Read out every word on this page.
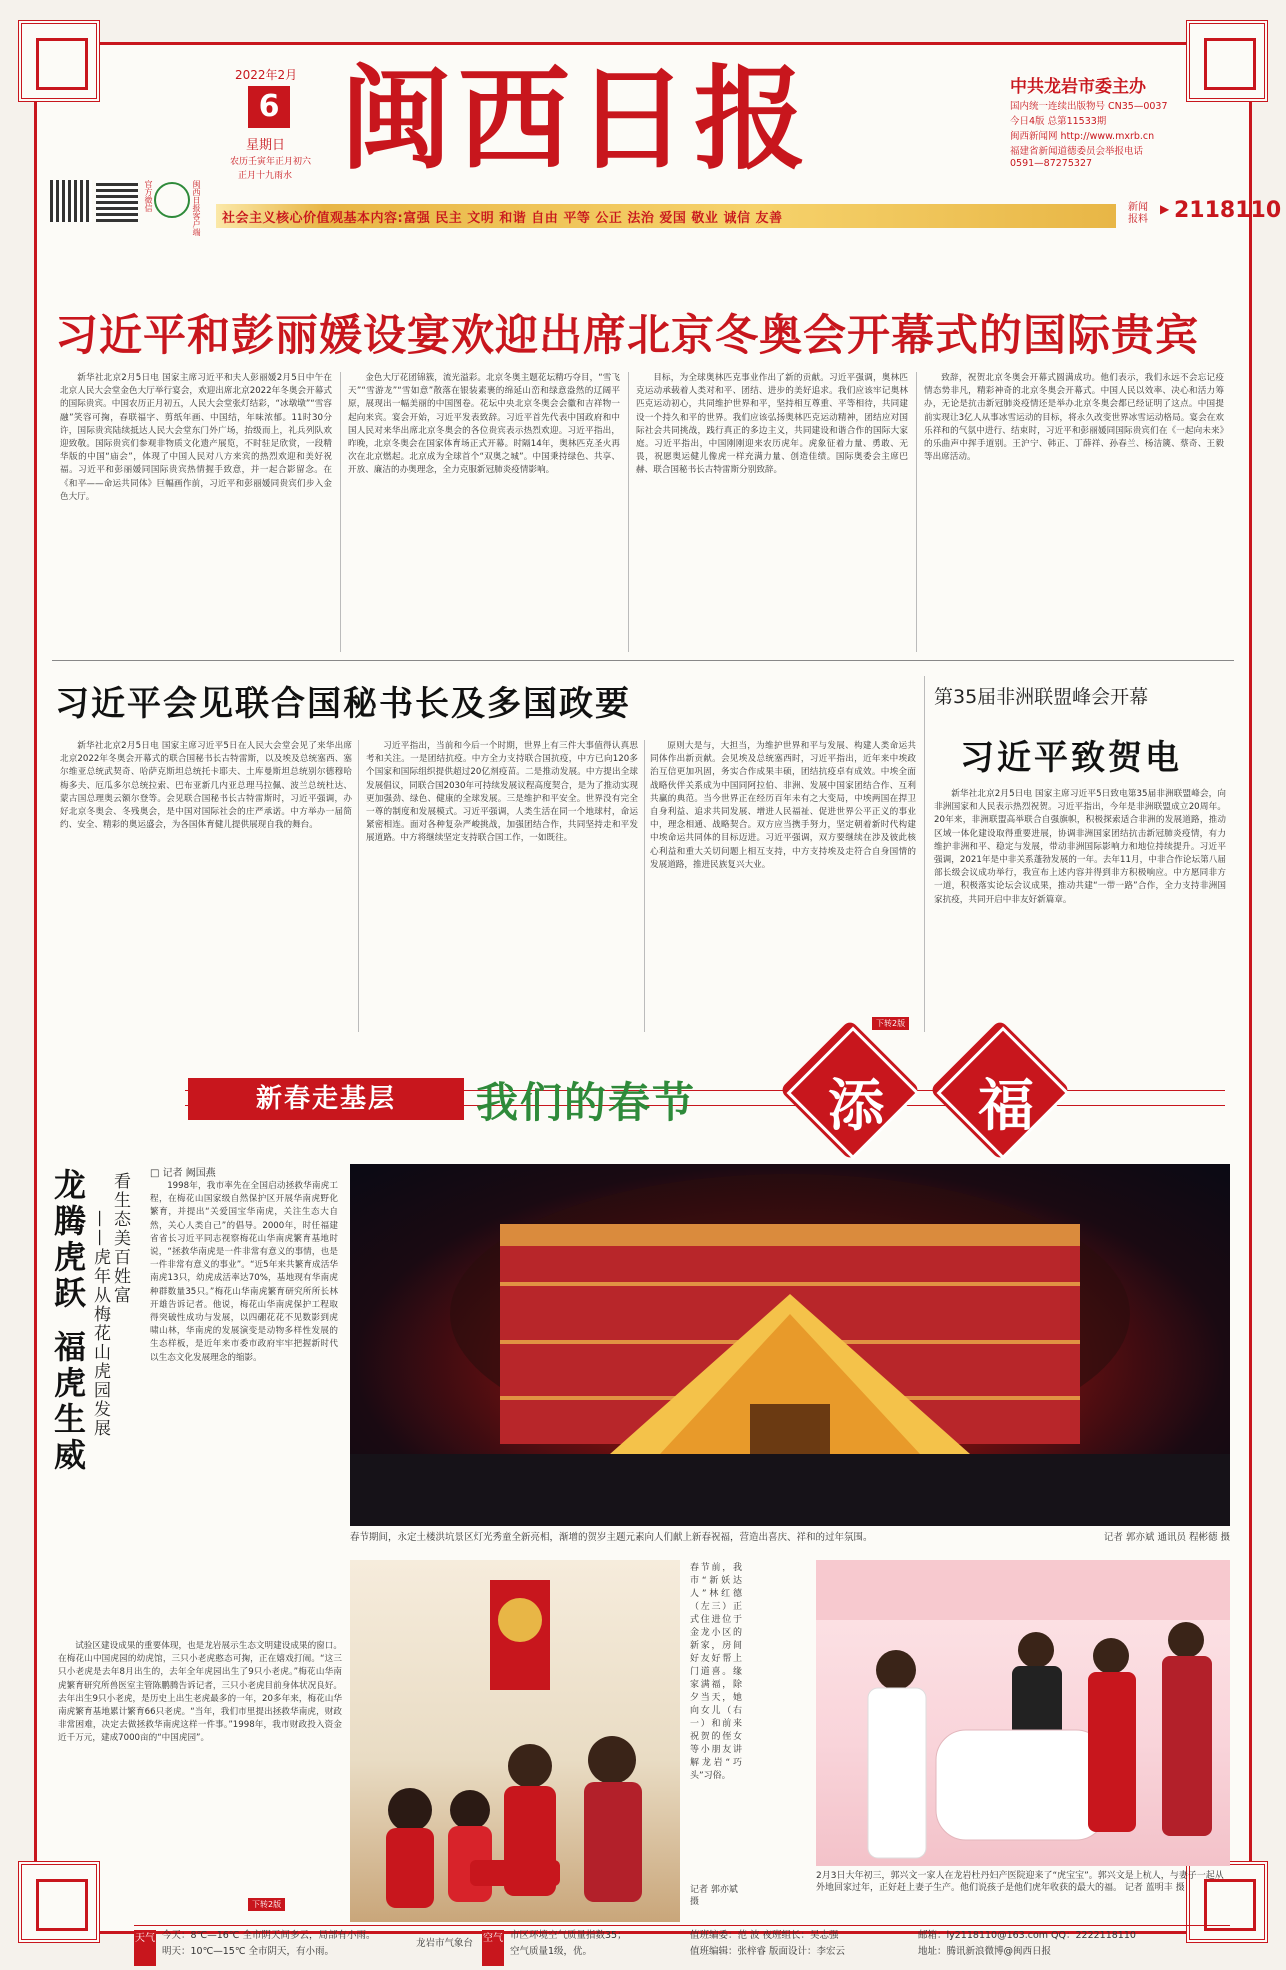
2022年2月
6
星期日
农历壬寅年正月初六
正月十九雨水 闽西日报	中共龙岩市委主办
国内统一连续出版物号 CN35—0037
今日4版 总第11533期
闽西新闻网 http://www.mxrb.cn
福建省新闻道德委员会举报电话
0591—87275327
官方微信	闽西日报客户端 社会主义核心价值观基本内容:富强 民主 文明 和谐 自由 平等 公正 法治 爱国 敬业 诚信 友善
新闻报料
▶ 2118110
习近平和彭丽媛设宴欢迎出席北京冬奥会开幕式的国际贵宾

新华社北京2月5日电 国家主席习近平和夫人彭丽媛2月5日中午在北京人民大会堂金色大厅举行宴会，欢迎出席北京2022年冬奥会开幕式的国际贵宾。中国农历正月初五，人民大会堂张灯结彩，“冰墩墩”“雪容融”笑容可掬，春联福字、剪纸年画、中国结，年味浓郁。11时30分许，国际贵宾陆续抵达人民大会堂东门外广场，抬级而上，礼兵列队欢迎致敬。国际贵宾们参观非物质文化遗产展览，不时驻足欣赏，一段精华版的中国“庙会”，体现了中国人民对八方来宾的热烈欢迎和美好祝福。习近平和彭丽媛同国际贵宾热情握手致意，并一起合影留念。在《和平——命运共同体》巨幅画作前，习近平和彭丽媛同贵宾们步入金色大厅。

金色大厅花团锦簇，流光溢彩。北京冬奥主题花坛精巧夺目，“雪飞天”“雪游龙”“雪如意”散落在银装素裹的绵延山峦和绿意盎然的辽阔平原，展现出一幅美丽的中国图卷。花坛中央北京冬奥会会徽和吉祥物一起向来宾。宴会开始，习近平发表致辞。习近平首先代表中国政府和中国人民对来华出席北京冬奥会的各位贵宾表示热烈欢迎。习近平指出，昨晚，北京冬奥会在国家体育场正式开幕。时隔14年，奥林匹克圣火再次在北京燃起。北京成为全球首个“双奥之城”。中国秉持绿色、共享、开放、廉洁的办奥理念，全力克服新冠肺炎疫情影响。

目标，为全球奥林匹克事业作出了新的贡献。习近平强调，奥林匹克运动承载着人类对和平、团结、进步的美好追求。我们应该牢记奥林匹克运动初心，共同维护世界和平，坚持相互尊重、平等相待，共同建设一个持久和平的世界。我们应该弘扬奥林匹克运动精神，团结应对国际社会共同挑战，践行真正的多边主义，共同建设和谐合作的国际大家庭。习近平指出，中国刚刚迎来农历虎年。虎象征着力量、勇敢、无畏，祝愿奥运健儿像虎一样充满力量、创造佳绩。国际奥委会主席巴赫、联合国秘书长古特雷斯分别致辞。

致辞，祝贺北京冬奥会开幕式圆满成功。他们表示，我们永远不会忘记疫情态势非凡，精彩神奇的北京冬奥会开幕式。中国人民以效率、决心和活力筹办，无论是抗击新冠肺炎疫情还是举办北京冬奥会都已经证明了这点。中国提前实现让3亿人从事冰雪运动的目标，将永久改变世界冰雪运动格局。宴会在欢乐祥和的气氛中进行、结束时，习近平和彭丽媛同国际贵宾们在《一起向未来》的乐曲声中挥手道别。王沪宁、韩正、丁薛祥、孙春兰、杨洁篪、蔡奇、王毅等出席活动。

习近平会见联合国秘书长及多国政要

新华社北京2月5日电 国家主席习近平5日在人民大会堂会见了来华出席北京2022年冬奥会开幕式的联合国秘书长古特雷斯，以及埃及总统塞西、塞尔维亚总统武契奇、哈萨克斯坦总统托卡耶夫、土库曼斯坦总统别尔德穆哈梅多夫、厄瓜多尔总统拉索、巴布亚新几内亚总理马拉佩、波兰总统杜达、蒙古国总理奥云额尔登等。会见联合国秘书长古特雷斯时，习近平强调，办好北京冬奥会、冬残奥会，是中国对国际社会的庄严承诺。中方举办一届简约、安全、精彩的奥运盛会，为各国体育健儿提供展现自我的舞台。

习近平指出，当前和今后一个时期，世界上有三件大事值得认真思考和关注。一是团结抗疫。中方全力支持联合国抗疫，中方已向120多个国家和国际组织提供超过20亿剂疫苗。二是推动发展。中方提出全球发展倡议，同联合国2030年可持续发展议程高度契合，是为了推动实现更加强劲、绿色、健康的全球发展。三是维护和平安全。世界没有完全一尊的制度和发展模式。习近平强调，人类生活在同一个地球村，命运紧密相连。面对各种复杂严峻挑战，加强团结合作，共同坚持走和平发展道路。中方将继续坚定支持联合国工作，一如既往。

原则大是与，大担当，为维护世界和平与发展、构建人类命运共同体作出新贡献。会见埃及总统塞西时，习近平指出，近年来中埃政治互信更加巩固，务实合作成果丰硕，团结抗疫卓有成效。中埃全面战略伙伴关系成为中国同阿拉伯、非洲、发展中国家团结合作、互利共赢的典范。当今世界正在经历百年未有之大变局，中埃两国在捍卫自身利益、追求共同发展、增进人民福祉、促进世界公平正义的事业中，理念相通、战略契合。双方应当携手努力，坚定朝着新时代构建中埃命运共同体的目标迈进。习近平强调，双方要继续在涉及彼此核心利益和重大关切问题上相互支持，中方支持埃及走符合自身国情的发展道路，推进民族复兴大业。

下转2版
第35届非洲联盟峰会开幕
习近平致贺电

新华社北京2月5日电 国家主席习近平5日致电第35届非洲联盟峰会，向非洲国家和人民表示热烈祝贺。习近平指出，今年是非洲联盟成立20周年。20年来，非洲联盟高举联合自强旗帜，积极探索适合非洲的发展道路，推动区域一体化建设取得重要进展，协调非洲国家团结抗击新冠肺炎疫情，有力维护非洲和平、稳定与发展，带动非洲国际影响力和地位持续提升。习近平强调，2021年是中非关系蓬勃发展的一年。去年11月，中非合作论坛第八届部长级会议成功举行，我宣布上述内容并得到非方积极响应。中方愿同非方一道，积极落实论坛会议成果，推动共建“一带一路”合作，全力支持非洲国家抗疫，共同开启中非友好新篇章。

新春走基层	我们的春节 添 福
龙腾虎跃
福虎生威
看生态美百姓富
——虎年从梅花山虎园发展
□ 记者 阙国燕

1998年，我市率先在全国启动拯救华南虎工程，在梅花山国家级自然保护区开展华南虎野化繁育，并提出“关爱国宝华南虎，关注生态大自然，关心人类自己”的倡导。2000年，时任福建省省长习近平同志视察梅花山华南虎繁育基地时说，“拯救华南虎是一件非常有意义的事情，也是一件非常有意义的事业”。“近5年来共繁育成活华南虎13只，幼虎成活率达70%，基地现有华南虎种群数量35只。”梅花山华南虎繁育研究所所长林开雄告诉记者。他说，梅花山华南虎保护工程取得突破性成功与发展，以四硼花花不见数影到虎啸山林，华南虎的发展演变是动物多样性发展的生态样板，是近年来市委市政府牢牢把握新时代以生态文化发展理念的缩影。

试验区建设成果的重要体现，也是龙岩展示生态文明建设成果的窗口。在梅花山中国虎园的幼虎馆，三只小老虎憨态可掬，正在嬉戏打闹。“这三只小老虎是去年8月出生的，去年全年虎园出生了9只小老虎。”梅花山华南虎繁育研究所兽医室主管陈鹏腾告诉记者，三只小老虎目前身体状况良好。去年出生9只小老虎，是历史上出生老虎最多的一年，20多年来，梅花山华南虎繁育基地累计繁育66只老虎。“当年，我们市里提出拯救华南虎，财政非常困难，决定去做拯救华南虎这样一件事。”1998年，我市财政投入资金近千万元，建成7000亩的“中国虎园”。

下转2版
春节期间，永定土楼洪坑景区灯光秀童全新亮相，渐增的贺岁主题元素向人们献上新春祝福，营造出喜庆、祥和的过年氛围。	记者 郭亦斌 通讯员 程彬德 摄

春节前，我市“新妖达人”林红德（左三）正式住进位于金龙小区的新家，房间好友好帮上门道喜。缘家满福，除夕当天，她向女儿（右一）和前来祝贺的侄女等小朋友讲解龙岩“巧头”习俗。

记者 郭亦斌 摄
2月3日大年初三，郭兴文一家人在龙岩杜丹妇产医院迎来了“虎宝宝”。郭兴文是上杭人，与妻子一起从外地回家过年，正好赶上妻子生产。他们说孩子是他们虎年收获的最大的福。 记者 蓝明丰 摄
天气 今天：8℃—16℃ 全市阴天间多云，局部有小雨。
明天：10℃—15℃ 全市阴天，有小雨。
龙岩市气象台 空气 市区环境空气质量指数35；
空气质量1级，优。
值班编委：范 波 夜班组长：吴志强
值班编辑：张梓睿 版面设计：李宏云
邮箱：ly2118110@163.com QQ：2222118110
地址：腾讯新浪微博@闽西日报
